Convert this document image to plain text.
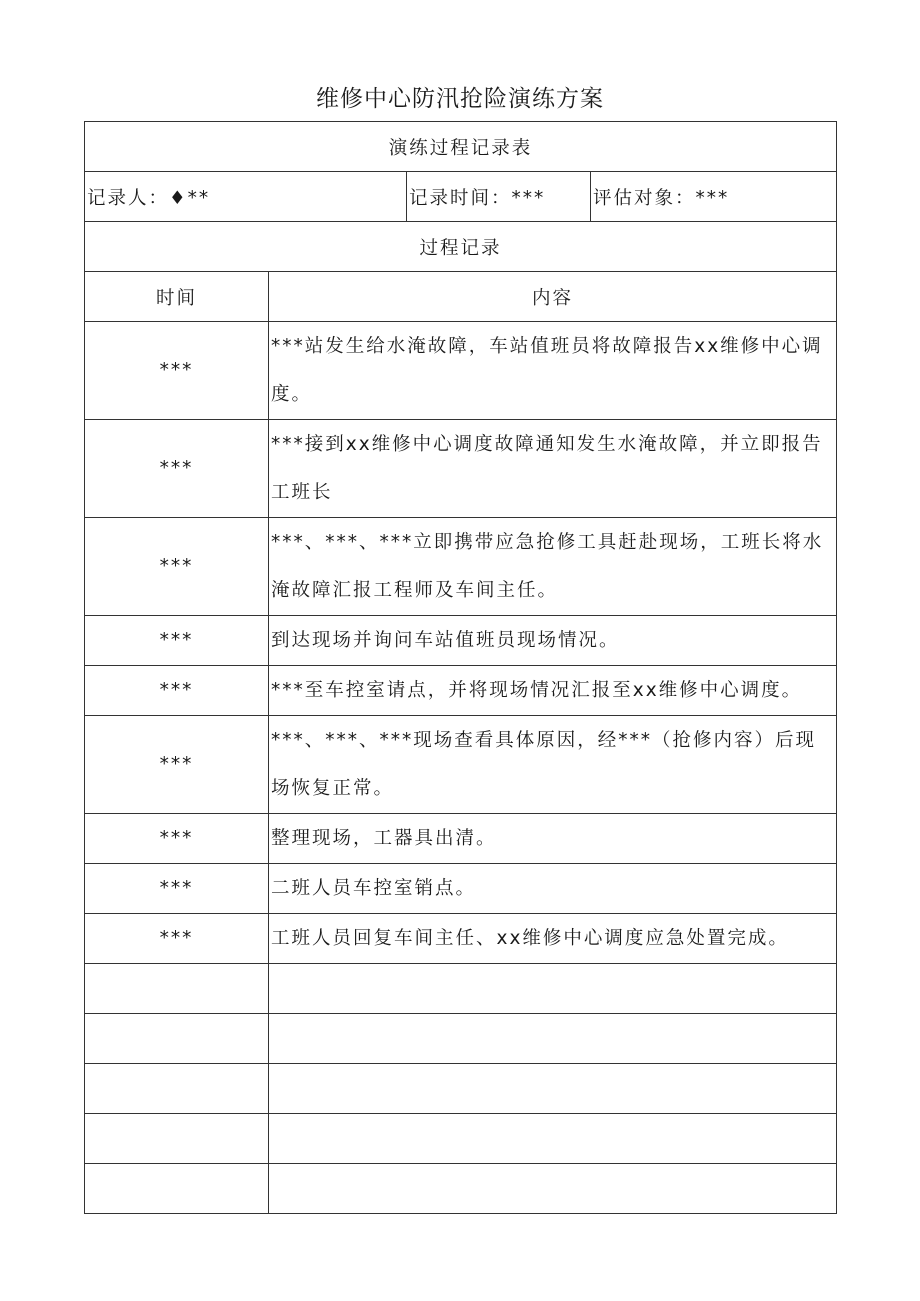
维修中心防汛抢险演练方案
演练过程记录表			
记录人：♦**		记录时间：***	评估对象：***
过程记录			
时间	内容		
***	***站发生给水淹故障，车站值班员将故障报告xx维修中心调度。		
***	***接到xx维修中心调度故障通知发生水淹故障，并立即报告工班长		
***	***、***、***立即携带应急抢修工具赶赴现场，工班长将水淹故障汇报工程师及车间主任。		
***	到达现场并询问车站值班员现场情况。		
***	***至车控室请点，并将现场情况汇报至xx维修中心调度。		
***	***、***、***现场查看具体原因，经***（抢修内容）后现场恢复正常。		
***	整理现场，工器具出清。		
***	二班人员车控室销点。		
***	工班人员回复车间主任、xx维修中心调度应急处置完成。		
